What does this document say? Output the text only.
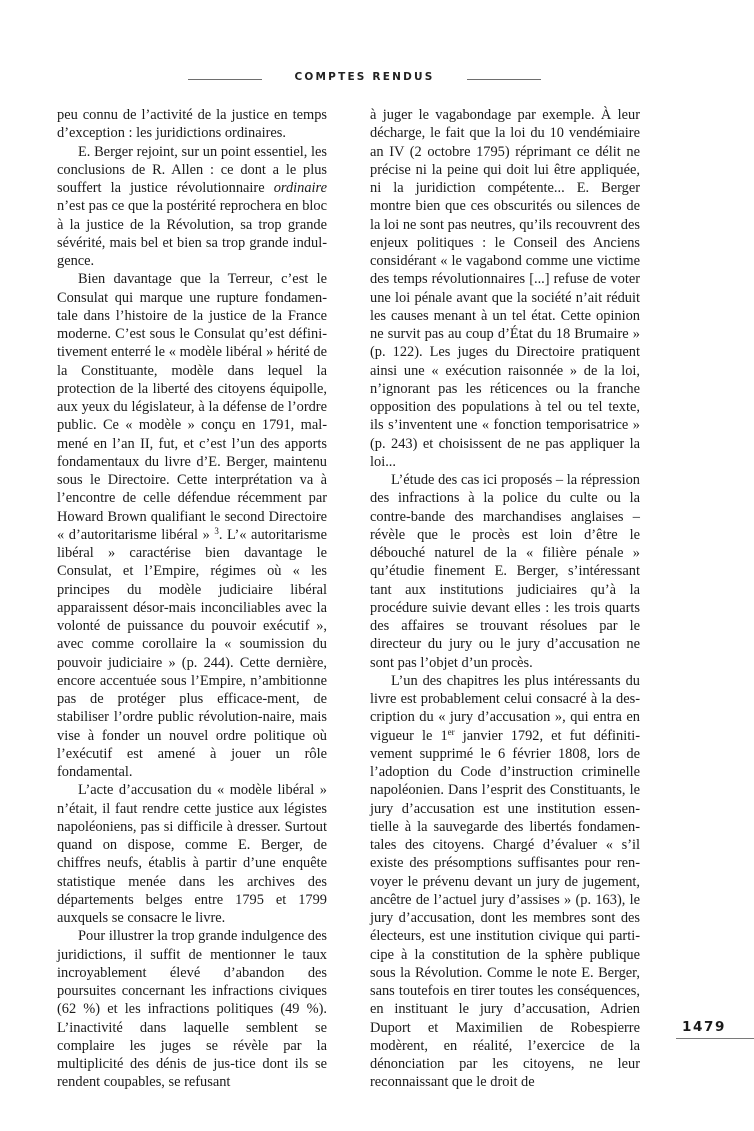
COMPTES RENDUS

peu connu de l’activité de la justice en temps d’exception : les juridictions ordinaires.

E. Berger rejoint, sur un point essentiel, les conclusions de R. Allen : ce dont a le plus souffert la justice révolutionnaire ordinaire n’est pas ce que la postérité reprochera en bloc à la justice de la Révolution, sa trop grande sévérité, mais bel et bien sa trop grande indul-gence.

Bien davantage que la Terreur, c’est le Consulat qui marque une rupture fondamen-tale dans l’histoire de la justice de la France moderne. C’est sous le Consulat qu’est défini-tivement enterré le « modèle libéral » hérité de la Constituante, modèle dans lequel la protection de la liberté des citoyens équipolle, aux yeux du législateur, à la défense de l’ordre public. Ce « modèle » conçu en 1791, mal-mené en l’an II, fut, et c’est l’un des apports fondamentaux du livre d’E. Berger, maintenu sous le Directoire. Cette interprétation va à l’encontre de celle défendue récemment par Howard Brown qualifiant le second Directoire « d’autoritarisme libéral » $^3$. L’« autoritarisme libéral » caractérise bien davantage le Consulat, et l’Empire, régimes où « les principes du modèle judiciaire libéral apparaissent désor-mais inconciliables avec la volonté de puissance du pouvoir exécutif », avec comme corollaire la « soumission du pouvoir judiciaire » (p. 244). Cette dernière, encore accentuée sous l’Empire, n’ambitionne pas de protéger plus efficace-ment, de stabiliser l’ordre public révolution-naire, mais vise à fonder un nouvel ordre politique où l’exécutif est amené à jouer un rôle fondamental.

L’acte d’accusation du « modèle libéral » n’était, il faut rendre cette justice aux légistes napoléoniens, pas si difficile à dresser. Surtout quand on dispose, comme E. Berger, de chiffres neufs, établis à partir d’une enquête statistique menée dans les archives des départements belges entre 1795 et 1799 auxquels se consacre le livre.

Pour illustrer la trop grande indulgence des juridictions, il suffit de mentionner le taux incroyablement élevé d’abandon des poursuites concernant les infractions civiques (62 %) et les infractions politiques (49 %). L’inactivité dans laquelle semblent se complaire les juges se révèle par la multiplicité des dénis de jus-tice dont ils se rendent coupables, se refusant

à juger le vagabondage par exemple. À leur décharge, le fait que la loi du 10 vendémiaire an IV (2 octobre 1795) réprimant ce délit ne précise ni la peine qui doit lui être appliquée, ni la juridiction compétente... E. Berger montre bien que ces obscurités ou silences de la loi ne sont pas neutres, qu’ils recouvrent des enjeux politiques : le Conseil des Anciens considérant « le vagabond comme une victime des temps révolutionnaires [...] refuse de voter une loi pénale avant que la société n’ait réduit les causes menant à un tel état. Cette opinion ne survit pas au coup d’État du 18 Brumaire » (p. 122). Les juges du Directoire pratiquent ainsi une « exécution raisonnée » de la loi, n’ignorant pas les réticences ou la franche opposition des populations à tel ou tel texte, ils s’inventent une « fonction temporisatrice » (p. 243) et choisissent de ne pas appliquer la loi...

L’étude des cas ici proposés – la répression des infractions à la police du culte ou la contre-bande des marchandises anglaises – révèle que le procès est loin d’être le débouché naturel de la « filière pénale » qu’étudie finement E. Berger, s’intéressant tant aux institutions judiciaires qu’à la procédure suivie devant elles : les trois quarts des affaires se trouvant résolues par le directeur du jury ou le jury d’accusation ne sont pas l’objet d’un procès.

L’un des chapitres les plus intéressants du livre est probablement celui consacré à la des-cription du « jury d’accusation », qui entra en vigueur le 1er janvier 1792, et fut définiti-vement supprimé le 6 février 1808, lors de l’adoption du Code d’instruction criminelle napoléonien. Dans l’esprit des Constituants, le jury d’accusation est une institution essen-tielle à la sauvegarde des libertés fondamen-tales des citoyens. Chargé d’évaluer « s’il existe des présomptions suffisantes pour ren-voyer le prévenu devant un jury de jugement, ancêtre de l’actuel jury d’assises » (p. 163), le jury d’accusation, dont les membres sont des électeurs, est une institution civique qui parti-cipe à la constitution de la sphère publique sous la Révolution. Comme le note E. Berger, sans toutefois en tirer toutes les conséquences, en instituant le jury d’accusation, Adrien Duport et Maximilien de Robespierre modèrent, en réalité, l’exercice de la dénonciation par les citoyens, ne leur reconnaissant que le droit de

1479
